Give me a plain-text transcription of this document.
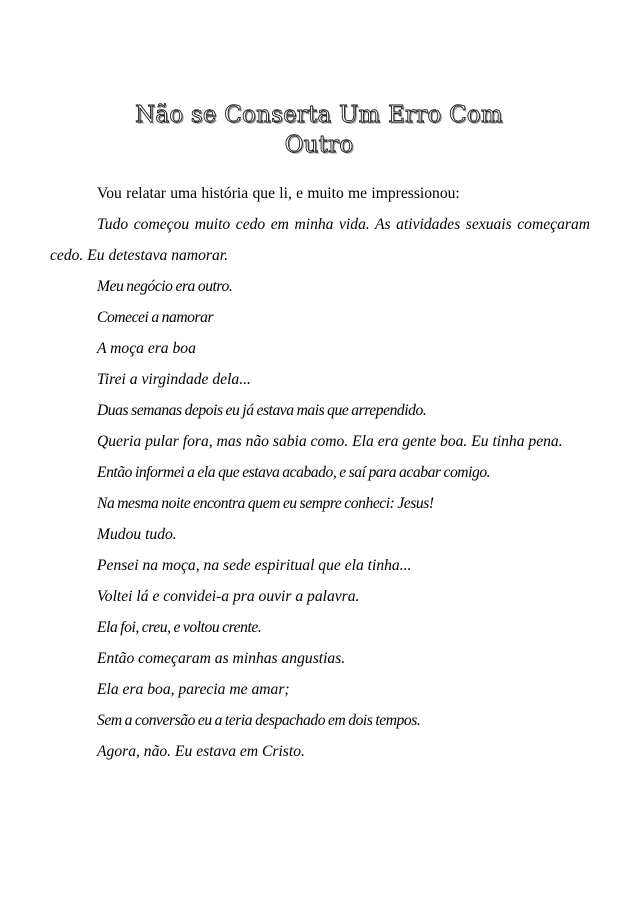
Não se Conserta Um Erro Com
Outro

Vou relatar uma história que li, e muito me impressionou:

Tudo começou muito cedo em minha vida. As atividades sexuais começaram cedo. Eu detestava namorar.

Meu negócio era outro.

Comecei a namorar

A moça era boa

Tirei a virgindade dela...

Duas semanas depois eu já estava mais que arrependido.

Queria pular fora, mas não sabia como. Ela era gente boa. Eu tinha pena.

Então informei a ela que estava acabado, e saí para acabar comigo.

Na mesma noite encontra quem eu sempre conheci: Jesus!

Mudou tudo.

Pensei na moça, na sede espiritual que ela tinha...

Voltei lá e convidei-a pra ouvir a palavra.

Ela foi, creu, e voltou crente.

Então começaram as minhas angustias.

Ela era boa, parecia me amar;

Sem a conversão eu a teria despachado em dois tempos.

Agora, não. Eu estava em Cristo.
